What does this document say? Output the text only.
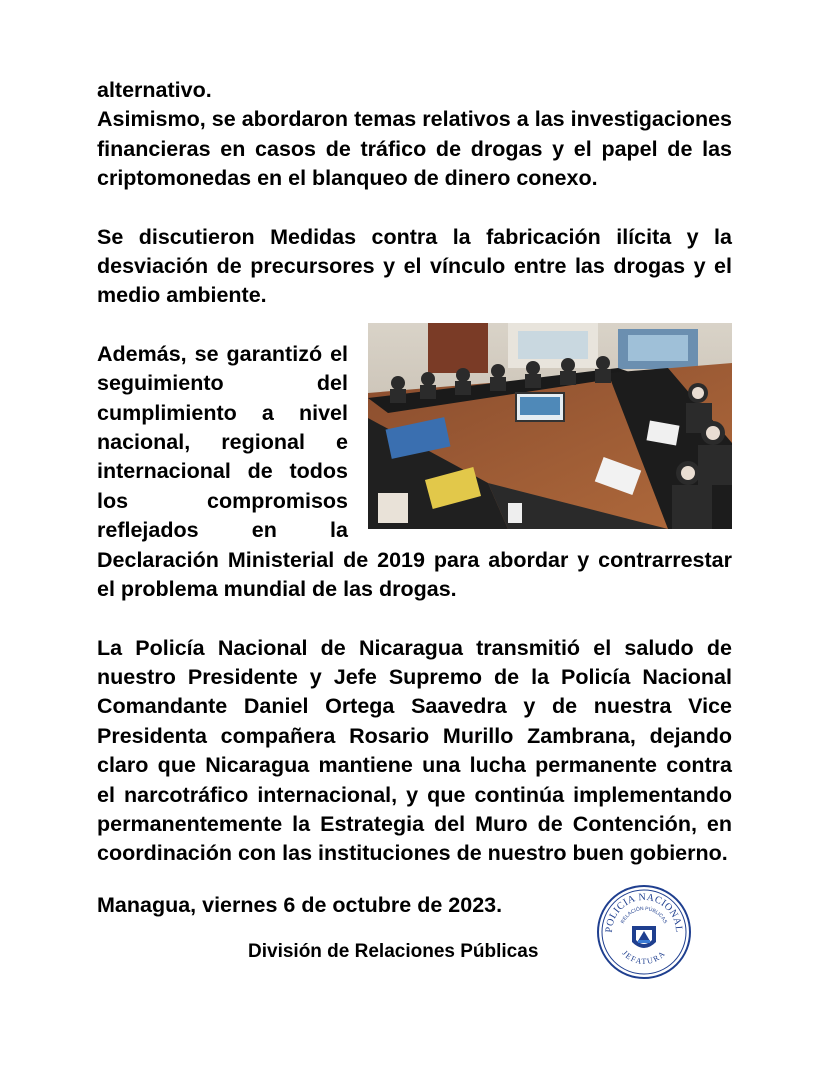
alternativo.

Asimismo, se abordaron temas relativos a las investigaciones financieras en casos de tráfico de drogas y el papel de las criptomonedas en el blanqueo de dinero conexo.

Se discutieron Medidas contra la fabricación ilícita y la desviación de precursores y el vínculo entre las drogas y el medio ambiente.

Además, se garantizó el seguimiento del cumplimiento a nivel nacional, regional e internacional de todos los compromisos reflejados en la Declaración Ministerial de 2019 para abordar y contrarrestar el problema mundial de las drogas.

La Policía Nacional de Nicaragua transmitió el saludo de nuestro Presidente y Jefe Supremo de la Policía Nacional Comandante Daniel Ortega Saavedra y de nuestra Vice Presidenta compañera Rosario Murillo Zambrana, dejando claro que Nicaragua mantiene una lucha permanente contra el narcotráfico internacional, y que continúa implementando permanentemente la Estrategia del Muro de Contención, en coordinación con las instituciones de nuestro buen gobierno.

Managua, viernes 6 de octubre de 2023.
División de Relaciones Públicas
POLICIA NACIONAL
RELACIÓN PÚBLICAS
JEFATURA
